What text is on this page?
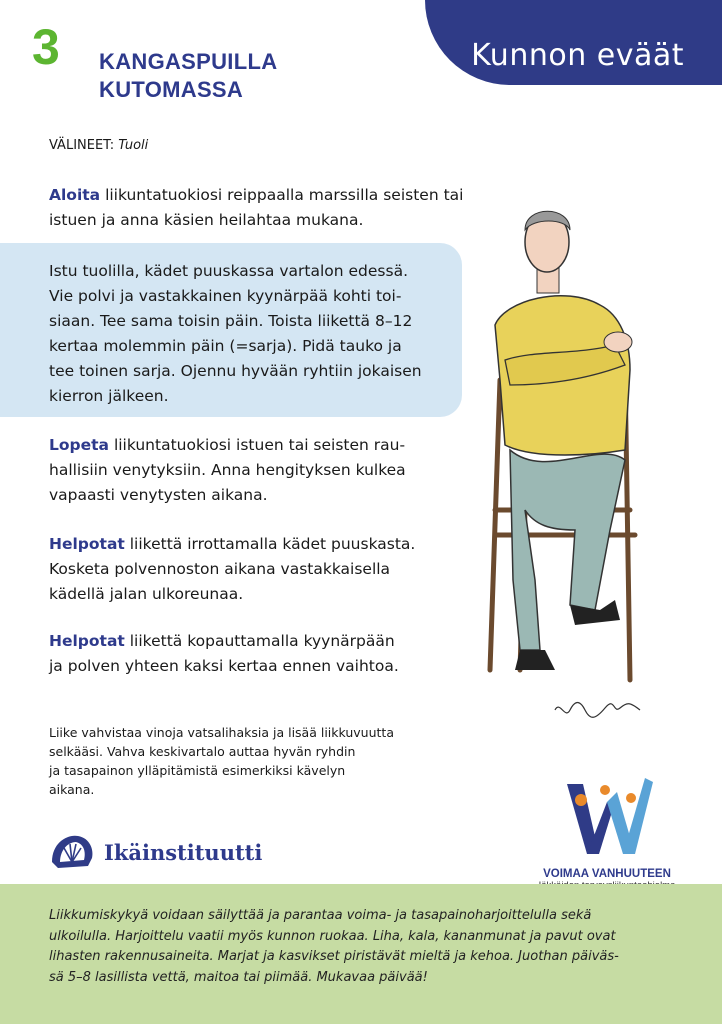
3 KANGASPUILLA
KUTOMASSA
Kunnon eväät
VÄLINEET: Tuoli

Aloita liikuntatuokiosi reippaalla marssilla seisten tai
istuen ja anna käsien heilahtaa mukana.

Istu tuolilla, kädet puuskassa vartalon edessä.
Vie polvi ja vastakkainen kyynärpää kohti toi-
siaan. Tee sama toisin päin. Toista liikettä 8–12
kertaa molemmin päin (=sarja). Pidä tauko ja
tee toinen sarja. Ojennu hyvään ryhtiin jokaisen
kierron jälkeen.

Lopeta liikuntatuokiosi istuen tai seisten rau-
hallisiin venytyksiin. Anna hengityksen kulkea
vapaasti venytysten aikana.

Helpotat liikettä irrottamalla kädet puuskasta.
Kosketa polvennoston aikana vastakkaisella
kädellä jalan ulkoreunaa.

Helpotat liikettä kopauttamalla kyynärpään
ja polven yhteen kaksi kertaa ennen vaihtoa.

Liike vahvistaa vinoja vatsalihaksia ja lisää liikkuvuutta
selkääsi. Vahva keskivartalo auttaa hyvän ryhdin
ja tasapainon ylläpitämistä esimerkiksi kävelyn
aikana.

Ikäinstituutti
VOIMAA VANHUUTEEN

Liikkumiskykyä voidaan säilyttää ja parantaa voima- ja tasapainoharjoittelulla sekä
ulkoilulla. Harjoittelu vaatii myös kunnon ruokaa. Liha, kala, kananmunat ja pavut ovat
lihasten rakennusaineita. Marjat ja kasvikset piristävät mieltä ja kehoa. Juothan päiväs-
sä 5–8 lasillista vettä, maitoa tai piimää. Mukavaa päivää!
